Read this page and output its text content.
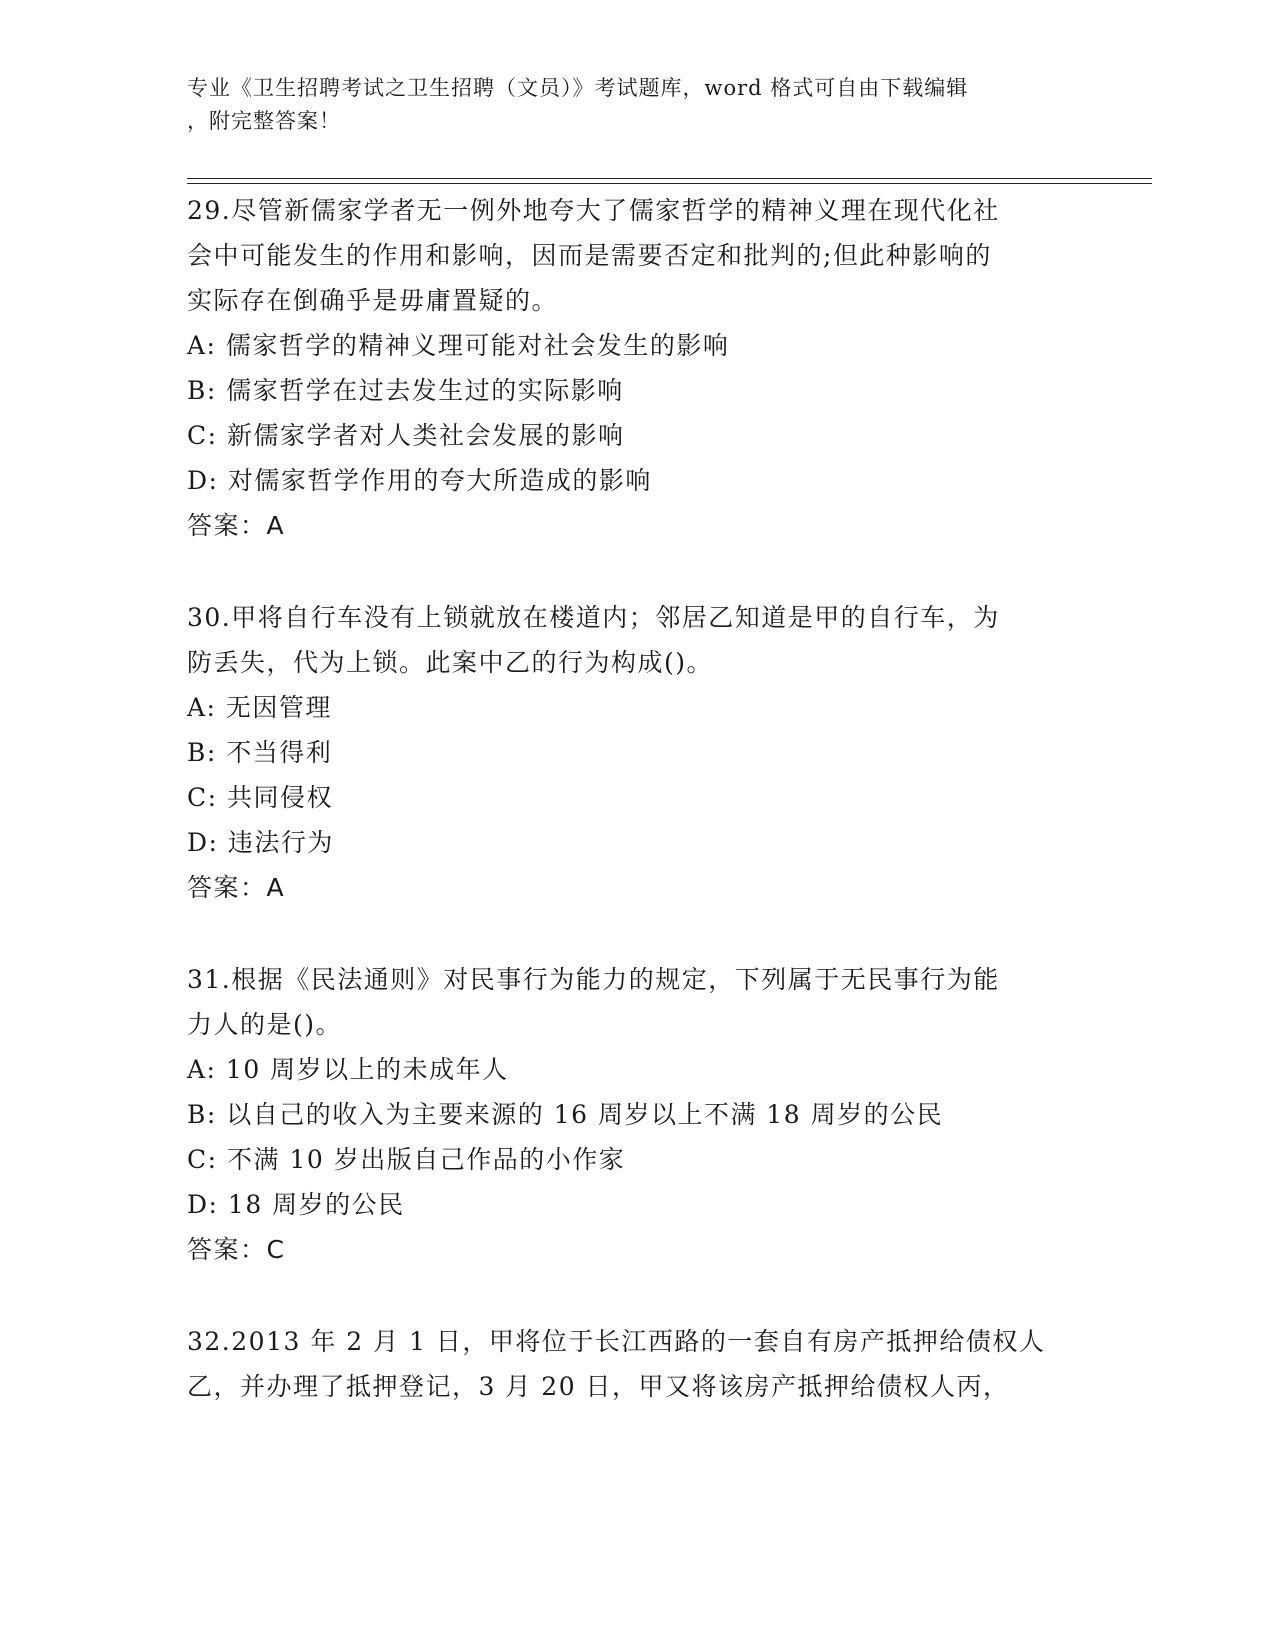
专业《卫生招聘考试之卫生招聘（文员）》考试题库，word 格式可自由下载编辑
，附完整答案！
29.尽管新儒家学者无一例外地夸大了儒家哲学的精神义理在现代化社
会中可能发生的作用和影响，因而是需要否定和批判的;但此种影响的
实际存在倒确乎是毋庸置疑的。
A: 儒家哲学的精神义理可能对社会发生的影响
B: 儒家哲学在过去发生过的实际影响
C: 新儒家学者对人类社会发展的影响
D: 对儒家哲学作用的夸大所造成的影响
答案：A
30.甲将自行车没有上锁就放在楼道内；邻居乙知道是甲的自行车，为
防丢失，代为上锁。此案中乙的行为构成()。
A: 无因管理
B: 不当得利
C: 共同侵权
D: 违法行为
答案：A
31.根据《民法通则》对民事行为能力的规定，下列属于无民事行为能
力人的是()。
A: 10 周岁以上的未成年人
B: 以自己的收入为主要来源的 16 周岁以上不满 18 周岁的公民
C: 不满 10 岁出版自己作品的小作家
D: 18 周岁的公民
答案：C
32.2013 年 2 月 1 日，甲将位于长江西路的一套自有房产抵押给债权人
乙，并办理了抵押登记，3 月 20 日，甲又将该房产抵押给债权人丙，
